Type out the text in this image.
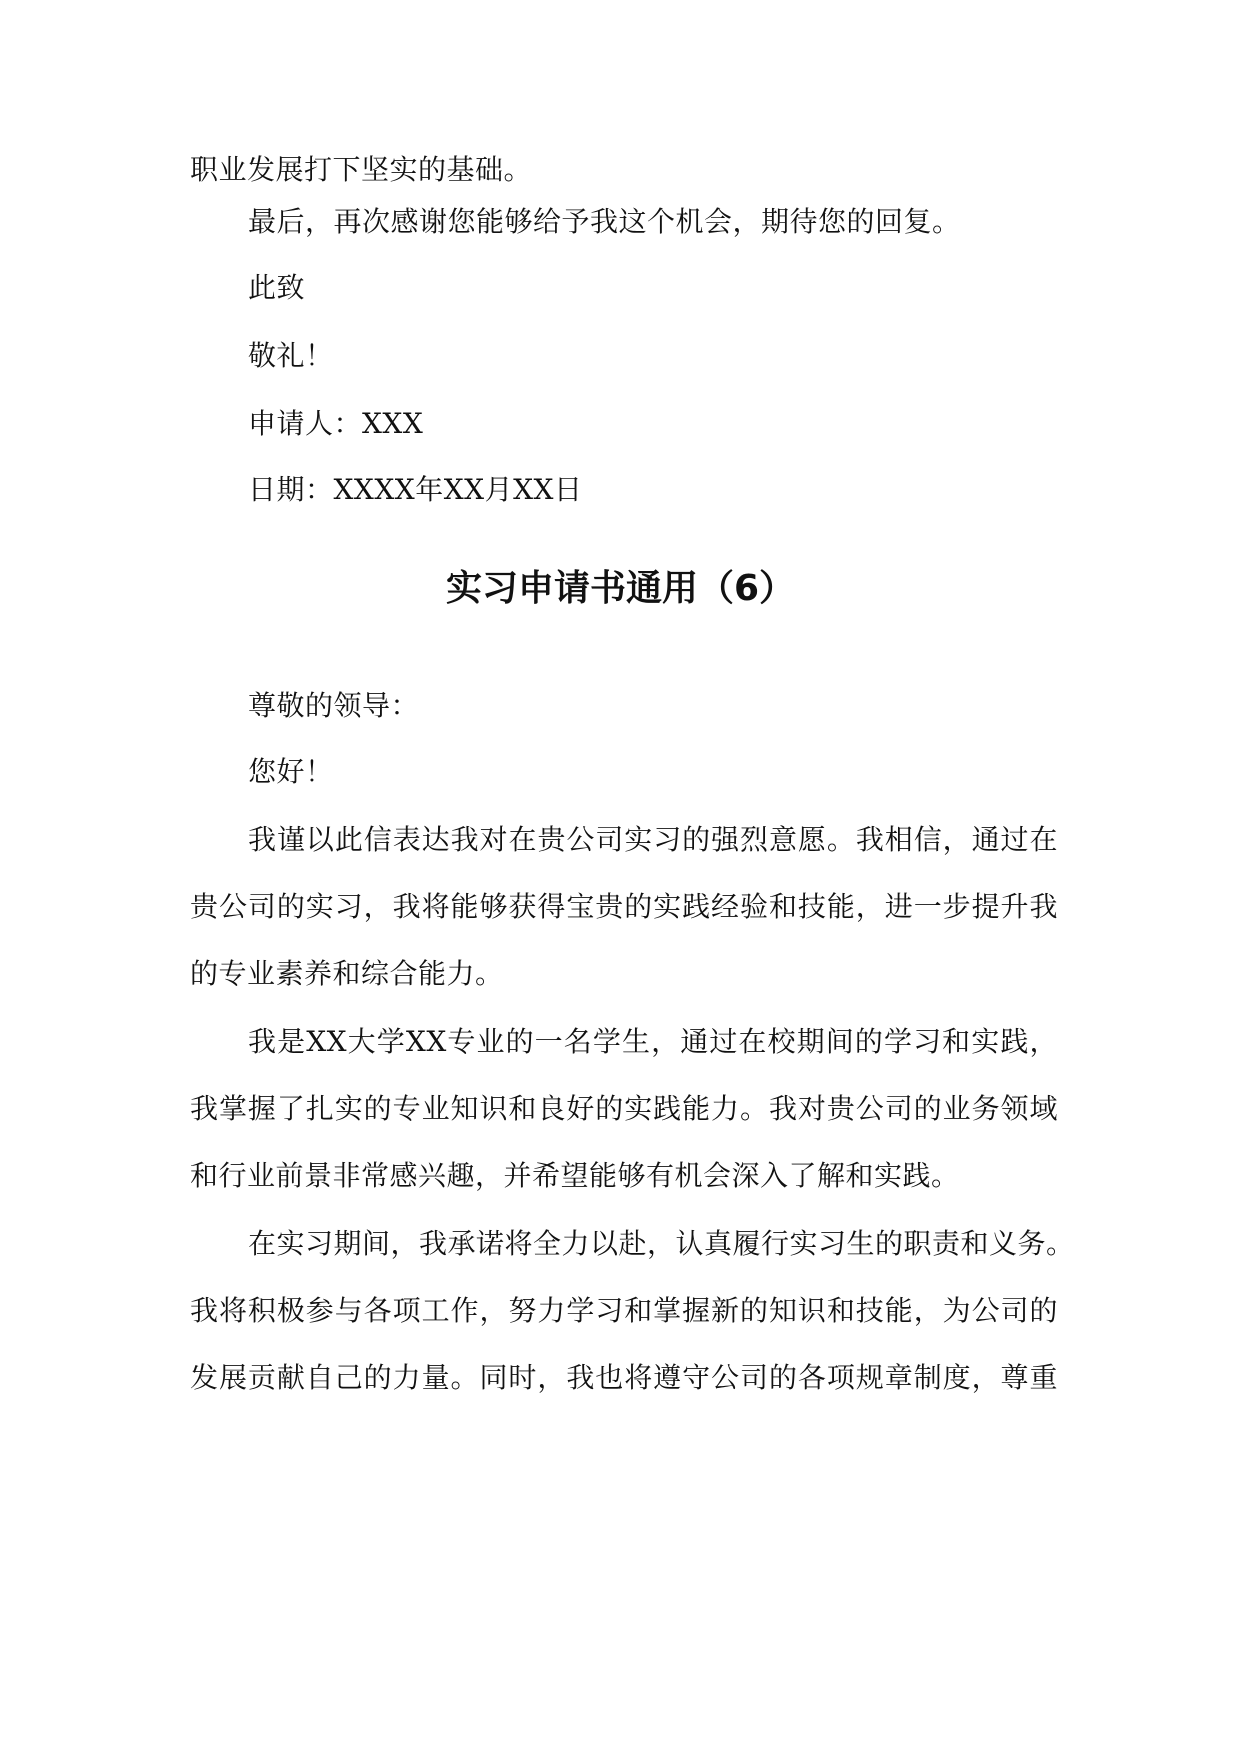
职业发展打下坚实的基础。
最后，再次感谢您能够给予我这个机会，期待您的回复。
此致
敬礼！
申请人：XXX
日期：XXXX年XX月XX日
实习申请书通用（6）
尊敬的领导：
您好！
我谨以此信表达我对在贵公司实习的强烈意愿。我相信，通过在
贵公司的实习，我将能够获得宝贵的实践经验和技能，进一步提升我
的专业素养和综合能力。
我是XX大学XX专业的一名学生，通过在校期间的学习和实践，
我掌握了扎实的专业知识和良好的实践能力。我对贵公司的业务领域
和行业前景非常感兴趣，并希望能够有机会深入了解和实践。
在实习期间，我承诺将全力以赴，认真履行实习生的职责和义务。
我将积极参与各项工作，努力学习和掌握新的知识和技能，为公司的
发展贡献自己的力量。同时，我也将遵守公司的各项规章制度，尊重
